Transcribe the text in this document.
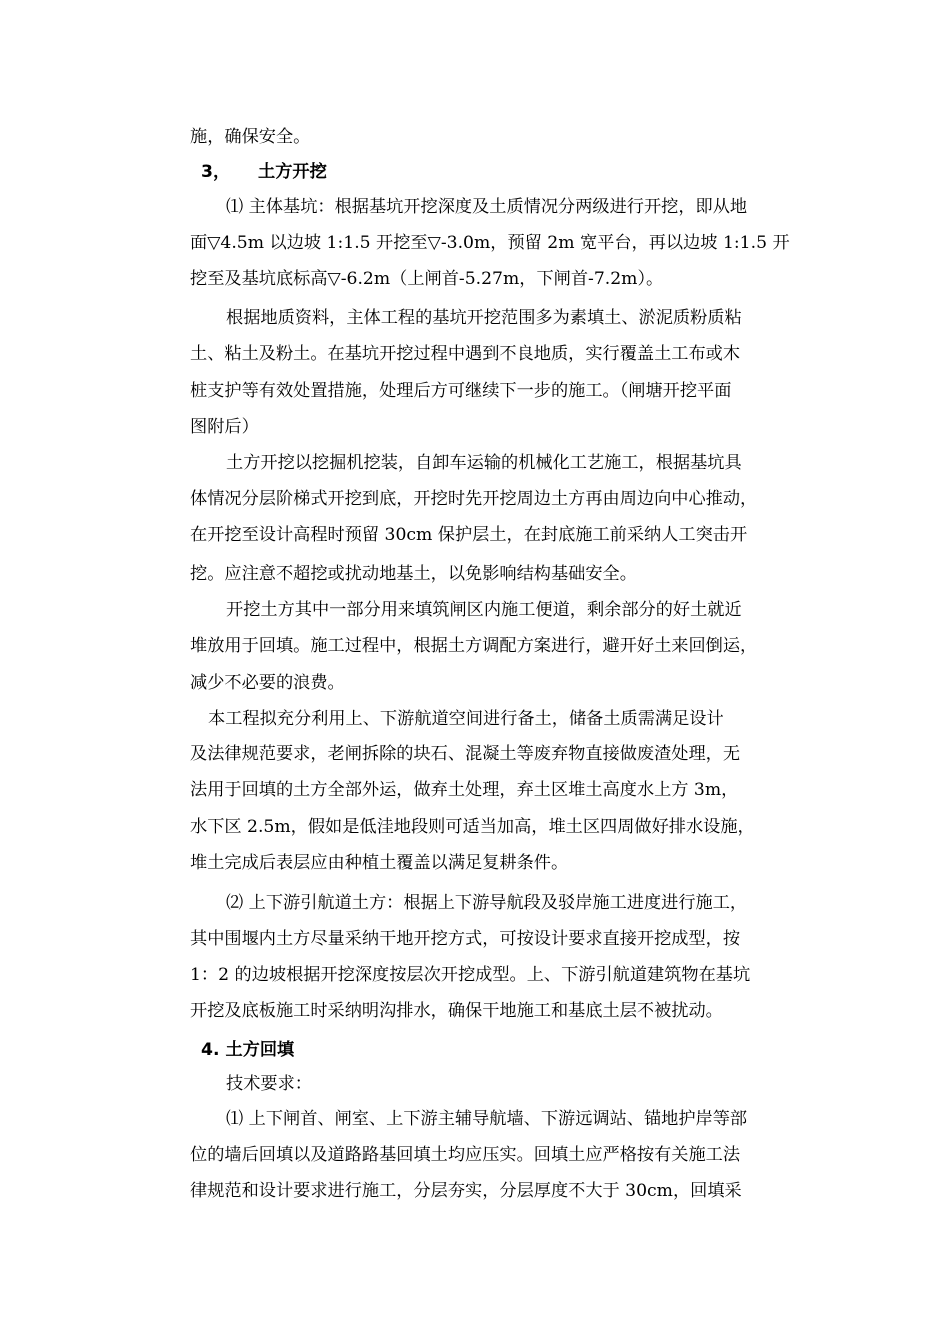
施，确保安全。
3， 土方开挖
⑴ 主体基坑：根据基坑开挖深度及土质情况分两级进行开挖，即从地
面▽4.5m 以边坡 1:1.5 开挖至▽-3.0m，预留 2m 宽平台，再以边坡 1:1.5 开
挖至及基坑底标高▽-6.2m（上闸首-5.27m，下闸首-7.2m）。
根据地质资料，主体工程的基坑开挖范围多为素填土、淤泥质粉质粘
土、粘土及粉土。在基坑开挖过程中遇到不良地质，实行覆盖土工布或木
桩支护等有效处置措施，处理后方可继续下一步的施工。（闸塘开挖平面
图附后）
土方开挖以挖掘机挖装，自卸车运输的机械化工艺施工，根据基坑具
体情况分层阶梯式开挖到底，开挖时先开挖周边土方再由周边向中心推动，
在开挖至设计高程时预留 30cm 保护层土，在封底施工前采纳人工突击开
挖。应注意不超挖或扰动地基土，以免影响结构基础安全。
开挖土方其中一部分用来填筑闸区内施工便道，剩余部分的好土就近
堆放用于回填。施工过程中，根据土方调配方案进行，避开好土来回倒运，
减少不必要的浪费。
本工程拟充分利用上、下游航道空间进行备土，储备土质需满足设计
及法律规范要求，老闸拆除的块石、混凝土等废弃物直接做废渣处理，无
法用于回填的土方全部外运，做弃土处理，弃土区堆土高度水上方 3m，
水下区 2.5m，假如是低洼地段则可适当加高，堆土区四周做好排水设施，
堆土完成后表层应由种植土覆盖以满足复耕条件。
⑵ 上下游引航道土方：根据上下游导航段及驳岸施工进度进行施工，
其中围堰内土方尽量采纳干地开挖方式，可按设计要求直接开挖成型，按
1：2 的边坡根据开挖深度按层次开挖成型。上、下游引航道建筑物在基坑
开挖及底板施工时采纳明沟排水，确保干地施工和基底土层不被扰动。
4. 土方回填
技术要求：
⑴ 上下闸首、闸室、上下游主辅导航墙、下游远调站、锚地护岸等部
位的墙后回填以及道路路基回填土均应压实。回填土应严格按有关施工法
律规范和设计要求进行施工，分层夯实，分层厚度不大于 30cm，回填采
